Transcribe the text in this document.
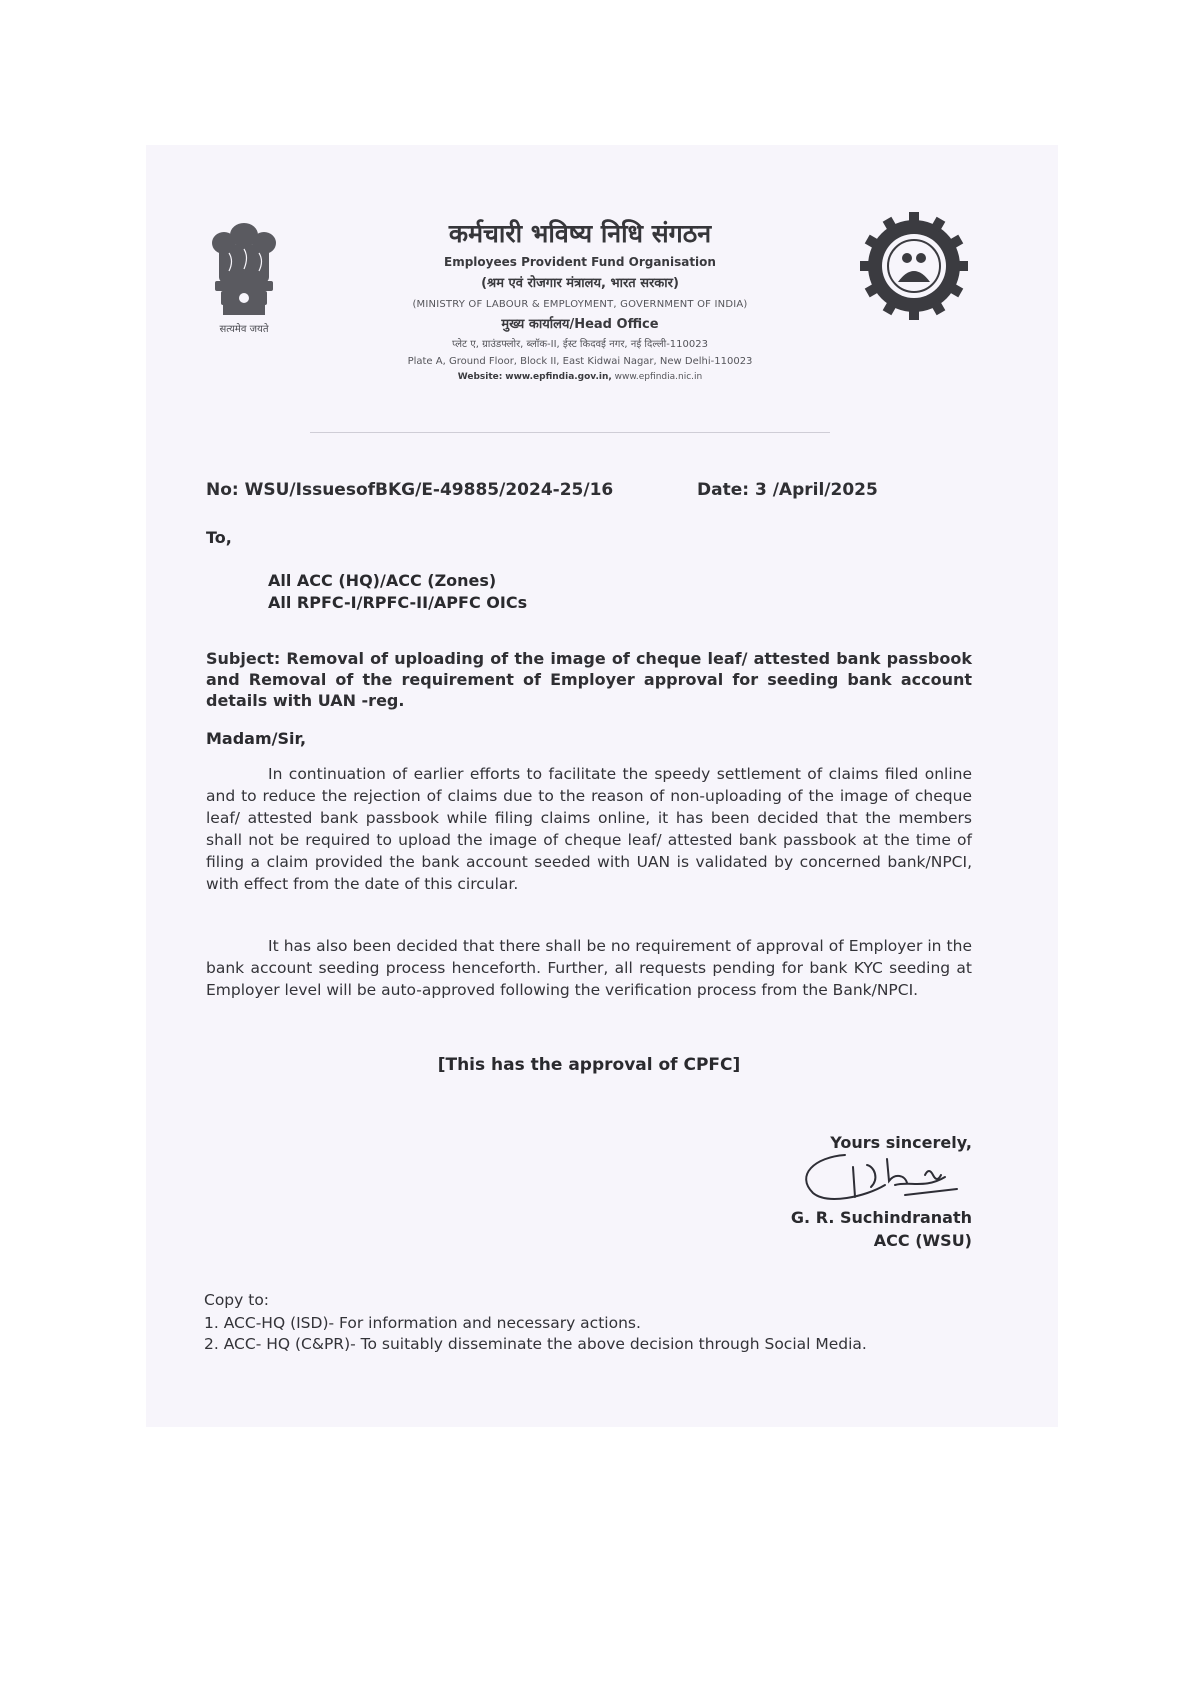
सत्यमेव जयते
कर्मचारी भविष्य निधि संगठन
Employees Provident Fund Organisation
(श्रम एवं रोजगार मंत्रालय, भारत सरकार)
(MINISTRY OF LABOUR & EMPLOYMENT, GOVERNMENT OF INDIA)
मुख्य कार्यालय/Head Office
प्लेट ए, ग्राउंडफ्लोर, ब्लॉक-II, ईस्ट किदवई नगर, नई दिल्ली-110023
Plate A, Ground Floor, Block II, East Kidwai Nagar, New Delhi-110023
Website: www.epfindia.gov.in, www.epfindia.nic.in
No: WSU/IssuesofBKG/E-49885/2024-25/16	Date: 3 /April/2025
To,
All ACC (HQ)/ACC (Zones)
All RPFC-I/RPFC-II/APFC OICs
Subject: Removal of uploading of the image of cheque leaf/ attested bank passbook and Removal of the requirement of Employer approval for seeding bank account details with UAN -reg.
Madam/Sir,
In continuation of earlier efforts to facilitate the speedy settlement of claims filed online and to reduce the rejection of claims due to the reason of non-uploading of the image of cheque leaf/ attested bank passbook while filing claims online, it has been decided that the members shall not be required to upload the image of cheque leaf/ attested bank passbook at the time of filing a claim provided the bank account seeded with UAN is validated by concerned bank/NPCI, with effect from the date of this circular.
It has also been decided that there shall be no requirement of approval of Employer in the bank account seeding process henceforth. Further, all requests pending for bank KYC seeding at Employer level will be auto-approved following the verification process from the Bank/NPCI.
[This has the approval of CPFC]
Yours sincerely,
G. R. Suchindranath
ACC (WSU)
Copy to:
1. ACC-HQ (ISD)- For information and necessary actions.
2. ACC- HQ (C&PR)- To suitably disseminate the above decision through Social Media.
